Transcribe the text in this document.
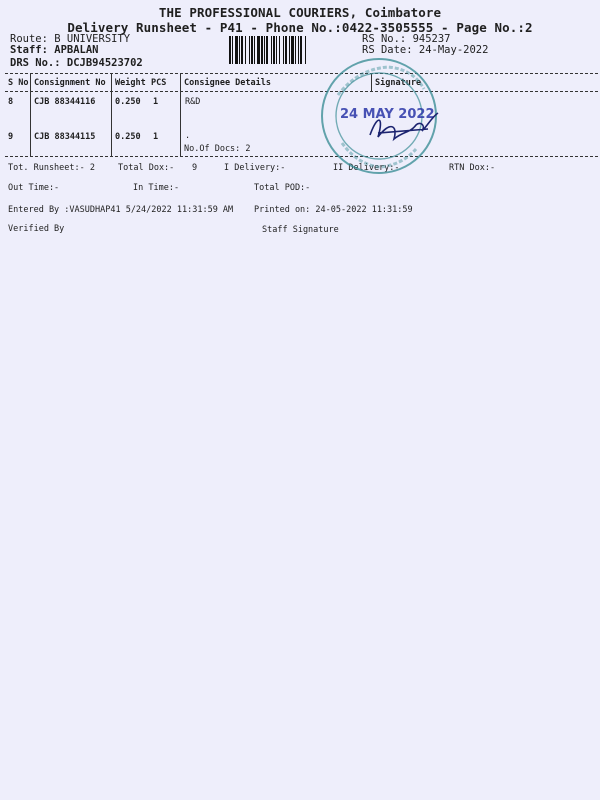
THE PROFESSIONAL COURIERS, Coimbatore
Delivery Runsheet - P41 - Phone No.:0422-3505555 - Page No.:2
Route: B UNIVERSITY
Staff: APBALAN
DRS No.: DCJB94523702
RS No.: 945237
RS Date: 24-May-2022
S No Consignment No Weight PCS Consignee Details	Signature
8 CJB 88344116 0.250 1	R&D
9 CJB 88344115 0.250 1	.
No.Of Docs: 2
Tot. Runsheet:- 2	Total Dox:- 9	I Delivery:-	II Delivery:-	RTN Dox:-
Out Time:-	In Time:-	Total POD:-
Entered By :VASUDHAP41 5/24/2022 11:31:59 AM Printed on: 24-05-2022 11:31:59
Verified By	Staff Signature
24 MAY 2022
